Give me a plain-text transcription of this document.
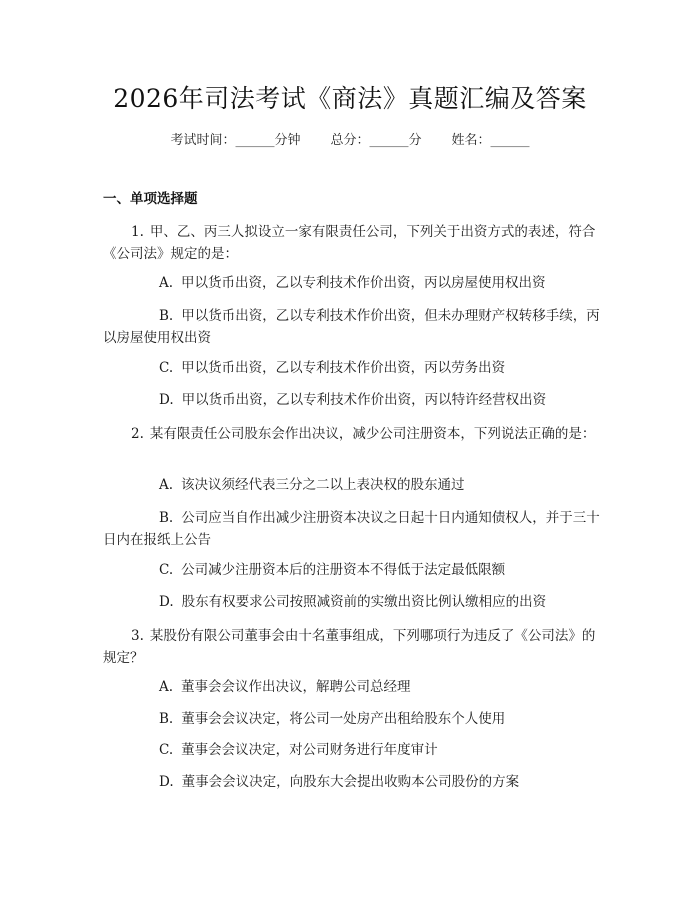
2026年司法考试《商法》真题汇编及答案
考试时间：______分钟 总分：______分 姓名：______
一、单项选择题
1. 甲、乙、丙三人拟设立一家有限责任公司，下列关于出资方式的表述，符合《公司法》规定的是：
A. 甲以货币出资，乙以专利技术作价出资，丙以房屋使用权出资
B. 甲以货币出资，乙以专利技术作价出资，但未办理财产权转移手续，丙以房屋使用权出资
C. 甲以货币出资，乙以专利技术作价出资，丙以劳务出资
D. 甲以货币出资，乙以专利技术作价出资，丙以特许经营权出资
2. 某有限责任公司股东会作出决议，减少公司注册资本，下列说法正确的是：
A. 该决议须经代表三分之二以上表决权的股东通过
B. 公司应当自作出减少注册资本决议之日起十日内通知债权人，并于三十日内在报纸上公告
C. 公司减少注册资本后的注册资本不得低于法定最低限额
D. 股东有权要求公司按照减资前的实缴出资比例认缴相应的出资
3. 某股份有限公司董事会由十名董事组成，下列哪项行为违反了《公司法》的规定？
A. 董事会会议作出决议，解聘公司总经理
B. 董事会会议决定，将公司一处房产出租给股东个人使用
C. 董事会会议决定，对公司财务进行年度审计
D. 董事会会议决定，向股东大会提出收购本公司股份的方案
